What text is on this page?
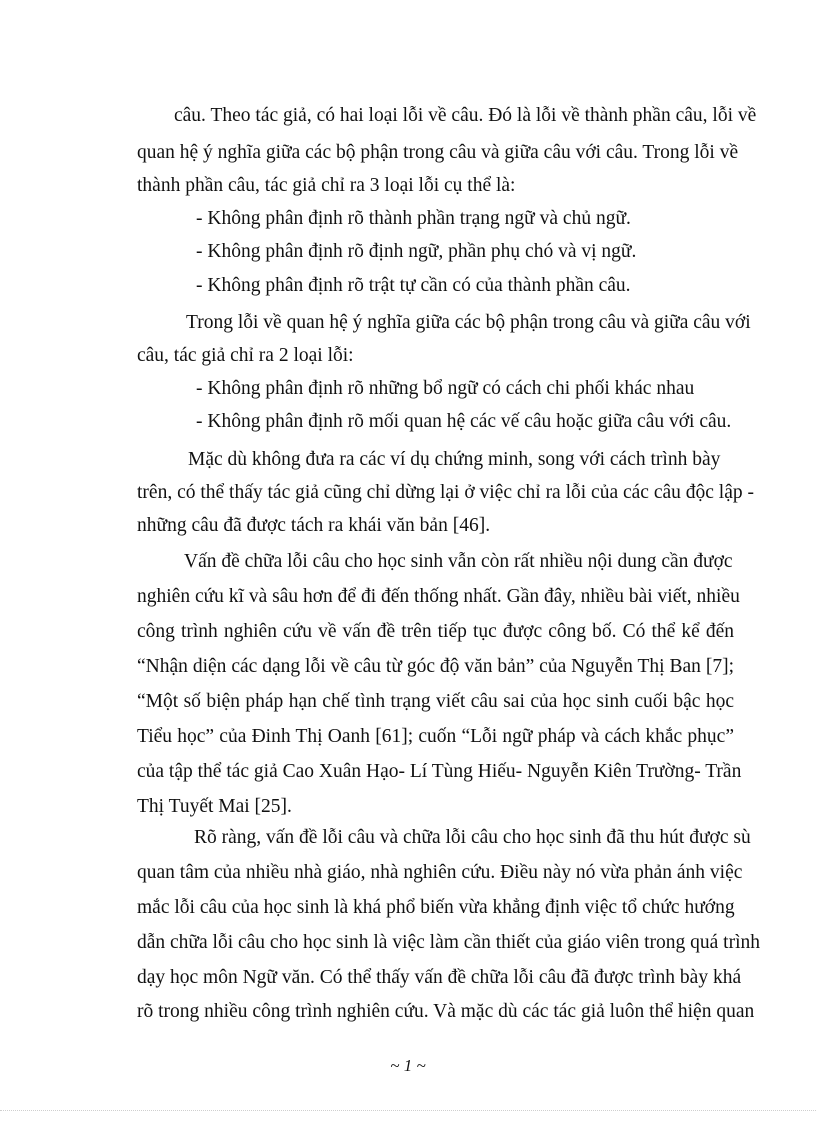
câu. Theo tác giả, có hai loại lỗi về câu. Đó là lỗi về thành phần câu, lỗi về
quan hệ ý nghĩa giữa các bộ phận trong câu và giữa câu với câu. Trong lỗi về
thành phần câu, tác giả chỉ ra 3 loại lỗi cụ thể là:
- Không phân định rõ thành phần trạng ngữ và chủ ngữ.
- Không phân định rõ định ngữ, phần phụ chó và vị ngữ.
- Không phân định rõ trật tự cần có của thành phần câu.
Trong lỗi về quan hệ ý nghĩa giữa các bộ phận trong câu và giữa câu với
câu, tác giả chỉ ra 2 loại lỗi:
- Không phân định rõ những bổ ngữ có cách chi phối khác nhau
- Không phân định rõ mối quan hệ các vế câu hoặc giữa câu với câu.
Mặc dù không đưa ra các ví dụ chứng minh, song với cách trình bày
trên, có thể thấy tác giả cũng chỉ dừng lại ở việc chỉ ra lỗi của các câu độc lập -
những câu đã được tách ra khái văn bản [46].
Vấn đề chữa lỗi câu cho học sinh vẫn còn rất nhiều nội dung cần được
nghiên cứu kĩ và sâu hơn để đi đến thống nhất. Gần đây, nhiều bài viết, nhiều
công trình nghiên cứu về vấn đề trên tiếp tục được công bố. Có thể kể đến
“Nhận diện các dạng lỗi về câu từ góc độ văn bản” của Nguyễn Thị Ban [7];
“Một số biện pháp hạn chế tình trạng viết câu sai của học sinh cuối bậc học
Tiểu học” của Đinh Thị Oanh [61]; cuốn “Lỗi ngữ pháp và cách khắc phục”
của tập thể tác giả Cao Xuân Hạo- Lí Tùng Hiếu- Nguyễn Kiên Trường- Trần
Thị Tuyết Mai [25].
Rõ ràng, vấn đề lỗi câu và chữa lỗi câu cho học sinh đã thu hút được sù
quan tâm của nhiều nhà giáo, nhà nghiên cứu. Điều này nó vừa phản ánh việc
mắc lỗi câu của học sinh là khá phổ biến vừa khẳng định việc tổ chức hướng
dẫn chữa lỗi câu cho học sinh là việc làm cần thiết của giáo viên trong quá trình
dạy học môn Ngữ văn. Có thể thấy vấn đề chữa lỗi câu đã được trình bày khá
rõ trong nhiều công trình nghiên cứu. Và mặc dù các tác giả luôn thể hiện quan
~ 1 ~
